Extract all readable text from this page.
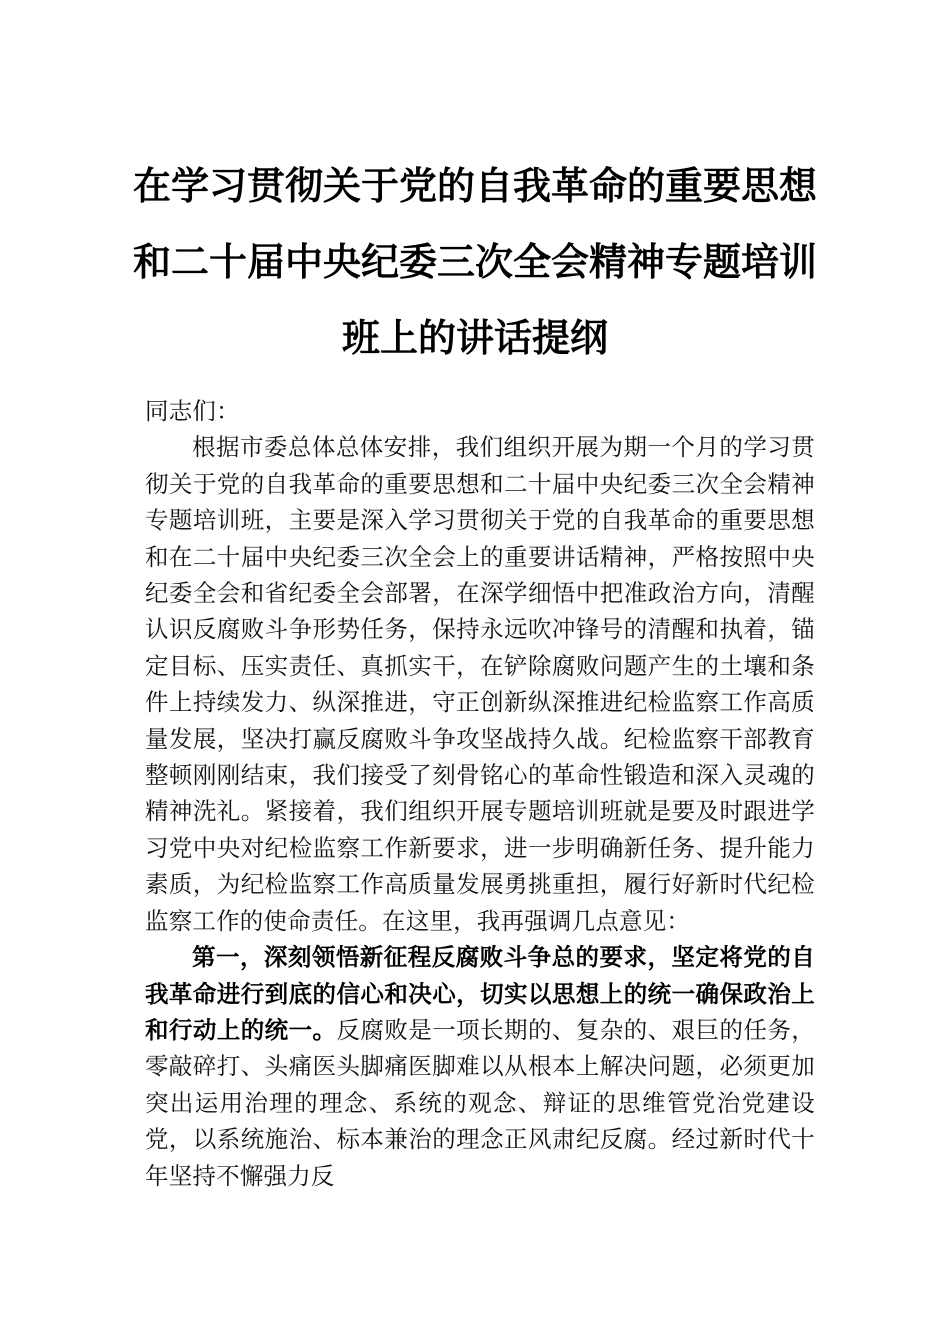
在学习贯彻关于党的自我革命的重要思想
和二十届中央纪委三次全会精神专题培训
班上的讲话提纲

同志们：

根据市委总体总体安排，我们组织开展为期一个月的学习贯彻关于党的自我革命的重要思想和二十届中央纪委三次全会精神专题培训班，主要是深入学习贯彻关于党的自我革命的重要思想和在二十届中央纪委三次全会上的重要讲话精神，严格按照中央纪委全会和省纪委全会部署，在深学细悟中把准政治方向，清醒认识反腐败斗争形势任务，保持永远吹冲锋号的清醒和执着，锚定目标、压实责任、真抓实干，在铲除腐败问题产生的土壤和条件上持续发力、纵深推进，守正创新纵深推进纪检监察工作高质量发展，坚决打赢反腐败斗争攻坚战持久战。纪检监察干部教育整顿刚刚结束，我们接受了刻骨铭心的革命性锻造和深入灵魂的精神洗礼。紧接着，我们组织开展专题培训班就是要及时跟进学习党中央对纪检监察工作新要求，进一步明确新任务、提升能力素质，为纪检监察工作高质量发展勇挑重担，履行好新时代纪检监察工作的使命责任。在这里，我再强调几点意见：

第一，深刻领悟新征程反腐败斗争总的要求，坚定将党的自我革命进行到底的信心和决心，切实以思想上的统一确保政治上和行动上的统一。反腐败是一项长期的、复杂的、艰巨的任务，零敲碎打、头痛医头脚痛医脚难以从根本上解决问题，必须更加突出运用治理的理念、系统的观念、辩证的思维管党治党建设党，以系统施治、标本兼治的理念正风肃纪反腐。经过新时代十年坚持不懈强力反
